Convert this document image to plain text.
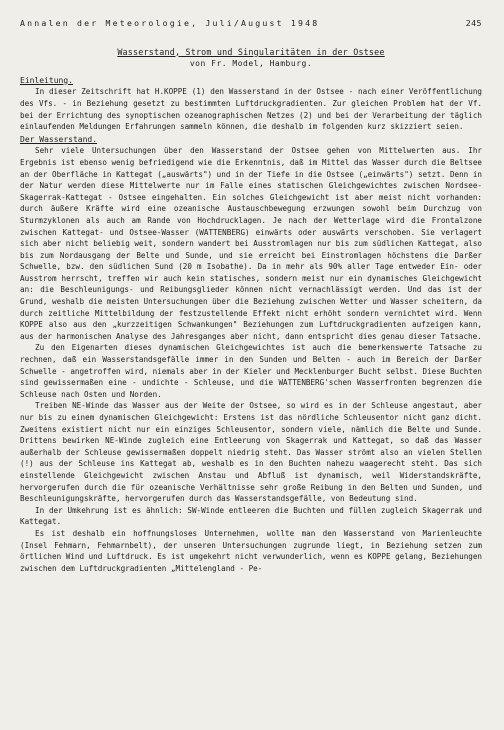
Annalen der Meteorologie, Juli/August 1948	245
Wasserstand, Strom und Singularitäten in der Ostsee
von Fr. Model, Hamburg.
Einleitung.

In dieser Zeitschrift hat H.KOPPE (1) den Wasserstand in der Ostsee - nach einer Veröffentlichung des Vfs. - in Beziehung gesetzt zu bestimmten Luftdruckgradienten. Zur gleichen Problem hat der Vf. bei der Errichtung des synoptischen ozeanographischen Netzes (2) und bei der Verarbeitung der täglich einlaufenden Meldungen Erfahrungen sammeln können, die deshalb im folgenden kurz skizziert seien.

Der Wasserstand.

Sehr viele Untersuchungen über den Wasserstand der Ostsee gehen von Mittelwerten aus. Ihr Ergebnis ist ebenso wenig befriedigend wie die Erkenntnis, daß im Mittel das Wasser durch die Beltsee an der Oberfläche in Kattegat („auswärts") und in der Tiefe in die Ostsee („einwärts") setzt. Denn in der Natur werden diese Mittelwerte nur im Falle eines statischen Gleichgewichtes zwischen Nordsee-Skagerrak-Kattegat - Ostsee eingehalten. Ein solches Gleichgewicht ist aber meist nicht vorhanden: durch äußere Kräfte wird eine ozeanische Austauschbewegung erzwungen sowohl beim Durchzug von Sturmzyklonen als auch am Rande von Hochdrucklagen. Je nach der Wetterlage wird die Frontalzone zwischen Kattegat- und Ostsee-Wasser (WATTENBERG) einwärts oder auswärts verschoben. Sie verlagert sich aber nicht beliebig weit, sondern wandert bei Ausstromlagen nur bis zum südlichen Kattegat, also bis zum Nordausgang der Belte und Sunde, und sie erreicht bei Einstromlagen höchstens die Darßer Schwelle, bzw. den südlichen Sund (20 m Isobathe). Da in mehr als 90% aller Tage entweder Ein- oder Ausstrom herrscht, treffen wir auch kein statisches, sondern meist nur ein dynamisches Gleichgewicht an: die Beschleunigungs- und Reibungsglieder können nicht vernachlässigt werden. Und das ist der Grund, weshalb die meisten Untersuchungen über die Beziehung zwischen Wetter und Wasser scheitern, da durch zeitliche Mittelbildung der festzustellende Effekt nicht erhöht sondern vernichtet wird. Wenn KOPPE also aus den „kurzzeitigen Schwankungen" Beziehungen zum Luftdruckgradienten aufzeigen kann, aus der harmonischen Analyse des Jahresganges aber nicht, dann entspricht dies genau dieser Tatsache.

Zu den Eigenarten dieses dynamischen Gleichgewichtes ist auch die bemerkenswerte Tatsache zu rechnen, daß ein Wasserstandsgefälle immer in den Sunden und Belten - auch im Bereich der Darßer Schwelle - angetroffen wird, niemals aber in der Kieler und Mecklenburger Bucht selbst. Diese Buchten sind gewissermaßen eine - undichte - Schleuse, und die WATTENBERG'schen Wasserfronten begrenzen die Schleuse nach Osten und Norden.

Treiben NE-Winde das Wasser aus der Weite der Ostsee, so wird es in der Schleuse angestaut, aber nur bis zu einem dynamischen Gleichgewicht: Erstens ist das nördliche Schleusentor nicht ganz dicht. Zweitens existiert nicht nur ein einziges Schleusentor, sondern viele, nämlich die Belte und Sunde. Drittens bewirken NE-Winde zugleich eine Entleerung von Skagerrak und Kattegat, so daß das Wasser außerhalb der Schleuse gewissermaßen doppelt niedrig steht. Das Wasser strömt also an vielen Stellen (!) aus der Schleuse ins Kattegat ab, weshalb es in den Buchten nahezu waagerecht steht. Das sich einstellende Gleichgewicht zwischen Anstau und Abfluß ist dynamisch, weil Widerstandskräfte, hervorgerufen durch die für ozeanische Verhältnisse sehr große Reibung in den Belten und Sunden, und Beschleunigungskräfte, hervorgerufen durch das Wasserstandsgefälle, von Bedeutung sind.

In der Umkehrung ist es ähnlich: SW-Winde entleeren die Buchten und füllen zugleich Skagerrak und Kattegat.

Es ist deshalb ein hoffnungsloses Unternehmen, wollte man den Wasserstand von Marienleuchte (Insel Fehmarn, Fehmarnbelt), der unseren Untersuchungen zugrunde liegt, in Beziehung setzen zum örtlichen Wind und Luftdruck. Es ist umgekehrt nicht verwunderlich, wenn es KOPPE gelang, Beziehungen zwischen dem Luftdruckgradienten „Mittelengland - Pe-
